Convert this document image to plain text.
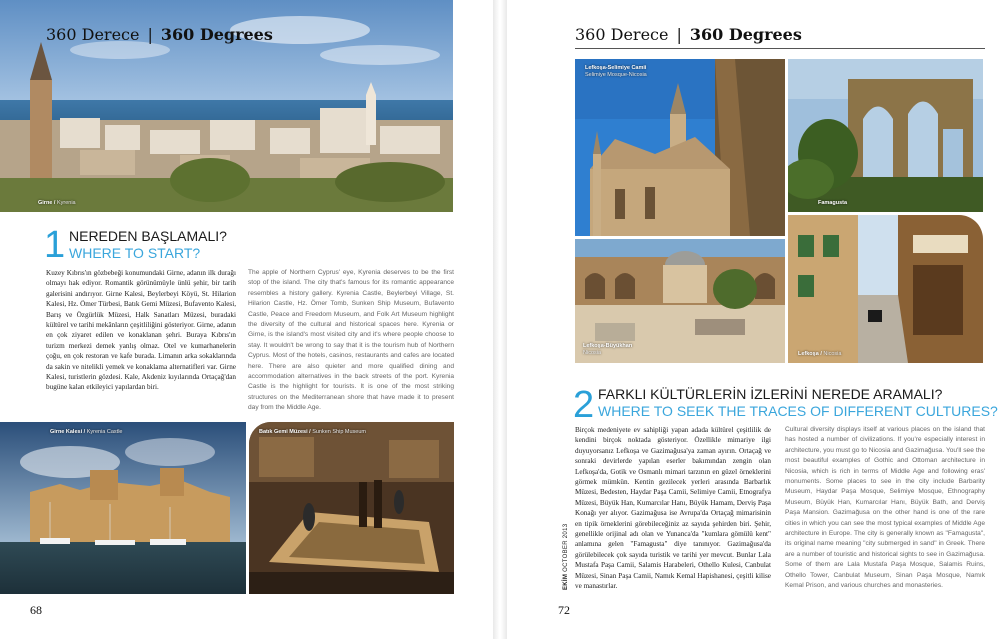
Girne / Kyrenia
360 Derece | 360 Degrees
1 NEREDEN BAŞLAMALI?
WHERE TO START?
Kuzey Kıbrıs'ın gözbebeği konumundaki Girne, adanın ilk durağı olmayı hak ediyor. Romantik görünümüyle ünlü şehir, bir tarih galerisini andırıyor. Girne Kalesi, Beylerbeyi Köyü, St. Hilarion Kalesi, Hz. Ömer Türbesi, Batık Gemi Müzesi, Bufavento Kalesi, Barış ve Özgürlük Müzesi, Halk Sanatları Müzesi, buradaki kültürel ve tarihi mekânların çeşitliliğini gösteriyor. Girne, adanın en çok ziyaret edilen ve konaklanan şehri. Buraya Kıbrıs'ın turizm merkezi demek yanlış olmaz. Otel ve kumarhanelerin çoğu, en çok restoran ve kafe burada. Limanın arka sokaklarında da sakin ve nitelikli yemek ve konaklama alternatifleri var. Girne Kalesi, turistlerin gözdesi. Kale, Akdeniz kıyılarında Ortaçağ'dan bugüne kalan etkileyici yapılardan biri.
The apple of Northern Cyprus' eye, Kyrenia deserves to be the first stop of the island. The city that's famous for its romantic appearance resembles a history gallery. Kyrenia Castle, Beylerbeyi Village, St. Hilarion Castle, Hz. Ömer Tomb, Sunken Ship Museum, Bufavento Castle, Peace and Freedom Museum, and Folk Art Museum highlight the diversity of the cultural and historical spaces here. Kyrenia or Girne, is the island's most visited city and it's where people choose to stay. It wouldn't be wrong to say that it is the tourism hub of Northern Cyprus. Most of the hotels, casinos, restaurants and cafes are located here. There are also quieter and more qualified dining and accommodation alternatives in the back streets of the port. Kyrenia Castle is the highlight for tourists. It is one of the most striking structures on the Mediterranean shore that have made it to present day from the Middle Age.
Girne Kalesi / Kyrenia Castle	Batık Gemi Müzesi / Sunken Ship Museum
68
360 Derece | 360 Degrees
Lefkoşa-Selimiye Camii
Selimiye Mosque-Nicosia
Famagusta
Lefkoşa-Büyükhan
Nicosia	Lefkoşa / Nicosia
2 FARKLI KÜLTÜRLERİN İZLERİNİ NEREDE ARAMALI?
WHERE TO SEEK THE TRACES OF DIFFERENT CULTURES?
Birçok medeniyete ev sahipliği yapan adada kültürel çeşitlilik de kendini birçok noktada gösteriyor. Özellikle mimariye ilgi duyuyorsanız Lefkoşa ve Gazimağusa'ya zaman ayırın. Ortaçağ ve sonraki devirlerde yapılan eserler bakımından zengin olan Lefkoşa'da, Gotik ve Osmanlı mimari tarzının en güzel örneklerini görmek mümkün. Kentin gezilecek yerleri arasında Barbarlık Müzesi, Bedesten, Haydar Paşa Camii, Selimiye Camii, Etnografya Müzesi, Büyük Han, Kumarcılar Hanı, Büyük Hamam, Derviş Paşa Konağı yer alıyor. Gazimağusa ise Avrupa'da Ortaçağ mimarisinin en tipik örneklerini görebileceğiniz az sayıda şehirden biri. Şehir, genellikle orijinal adı olan ve Yunanca'da "kumlara gömülü kent" anlamına gelen "Famagusta" diye tanınıyor. Gazimağusa'da görülebilecek çok sayıda turistik ve tarihi yer mevcut. Bunlar Lala Mustafa Paşa Camii, Salamis Harabeleri, Othello Kulesi, Canbulat Müzesi, Sinan Paşa Camii, Namık Kemal Hapishanesi, çeşitli kilise ve manastırlar.
Cultural diversity displays itself at various places on the island that has hosted a number of civilizations. If you're especially interest in architecture, you must go to Nicosia and Gazimağusa. You'll see the most beautiful examples of Gothic and Ottoman architecture in Nicosia, which is rich in terms of Middle Age and following eras' monuments. Some places to see in the city include Barbarity Museum, Haydar Paşa Mosque, Selimiye Mosque, Ethnography Museum, Büyük Han, Kumarcılar Hanı, Büyük Bath, and Derviş Paşa Mansion. Gazimağusa on the other hand is one of the rare cities in which you can see the most typical examples of Middle Age architecture in Europe. The city is generally known as "Famagusta", its original name meaning "city submerged in sand" in Greek. There are a number of touristic and historical sights to see in Gazimağusa. Some of them are Lala Mustafa Paşa Mosque, Salamis Ruins, Othello Tower, Canbulat Museum, Sinan Paşa Mosque, Namık Kemal Prison, and various churches and monasteries.
EKİM OCTOBER 2013
72
